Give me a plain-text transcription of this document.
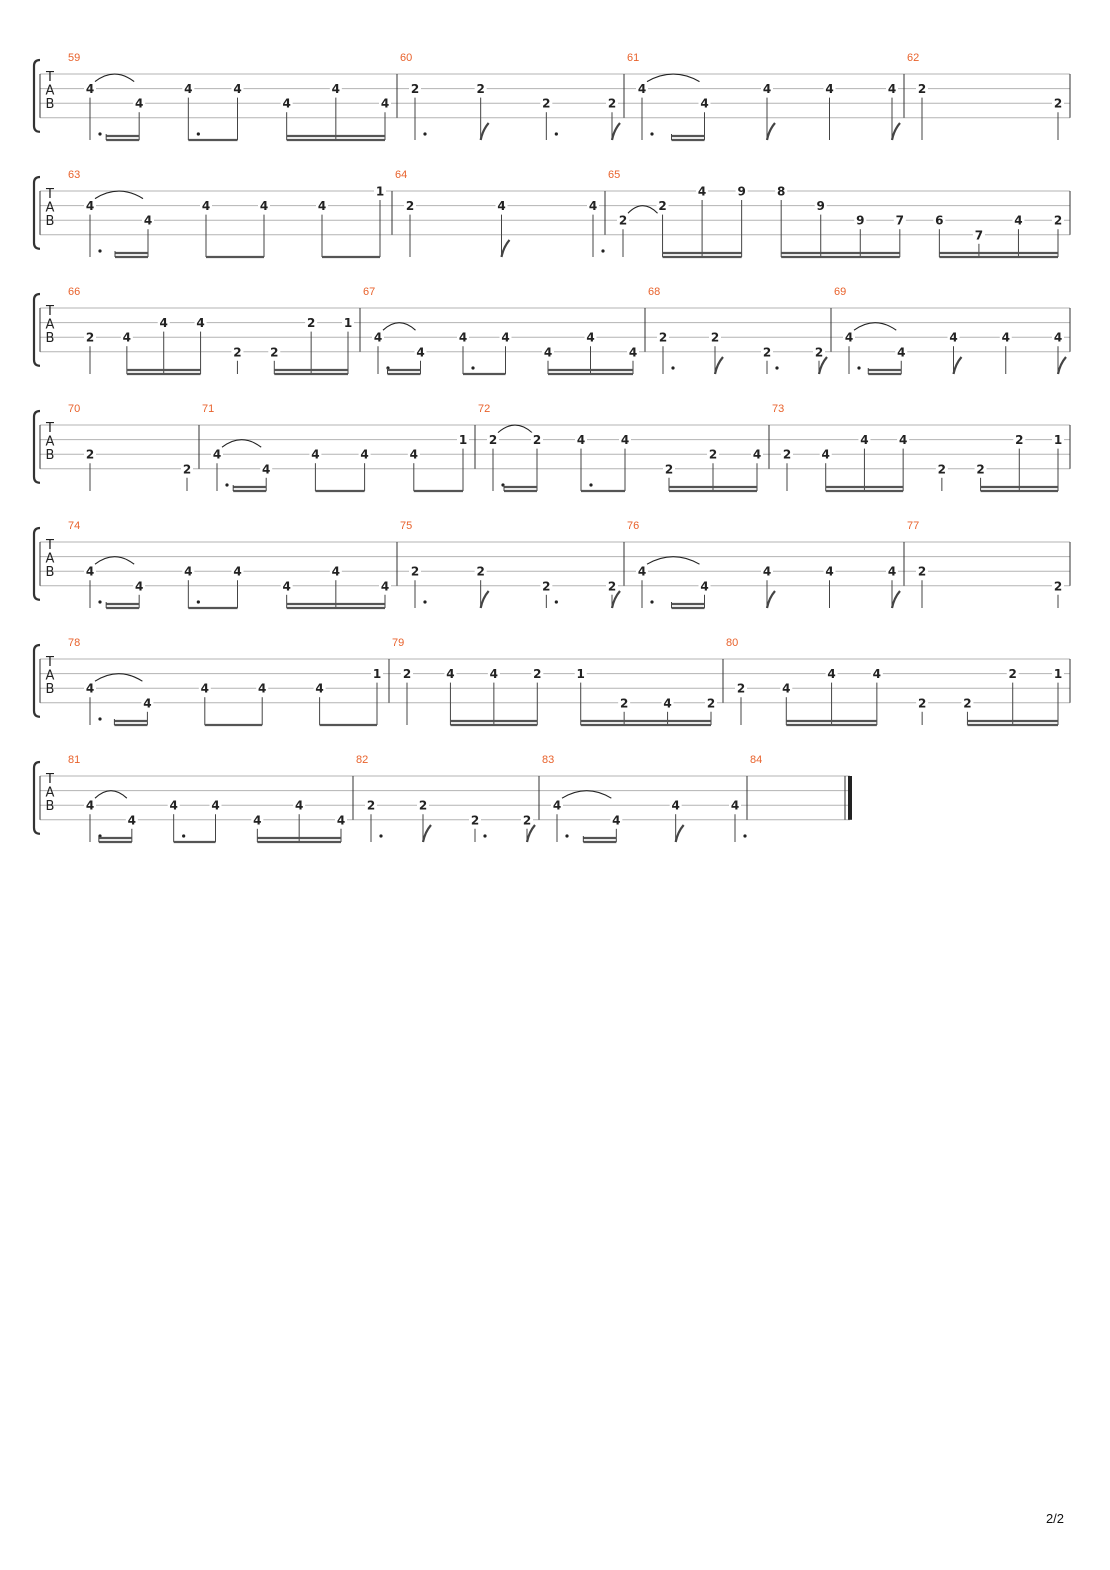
T
A
B
59
4
4
4	4
4
4
4
60
2	2
2	2
61
4
4
4	4	4
62
2
2
T
A
B
63
4
4
4	4	4
1
64
2	4	4
65
2
2
4	9	8
9
9	7	6
7
4	2
T
A
B
66
2 4
4 4
2 2
2 1
67
4
4
4	4
4
4
4
68
2	2
2	2
69
4
4
4	4	4
T
A
B
70
2
2
71
4
4
4	4	4
1
72
2	2	4	4
2
2	4
73
2	4
4	4
2	2
2	1
T
A
B
74
4
4
4	4
4
4
4
75
2	2
2	2
76
4
4
4	4	4
77
2
2
T
A
B
78
4
4
4	4	4
1
79
2	4	4	2	1
2	4	2
80
2	4
4	4
2	2
2	1
T
A
B
81
4
4
4	4
4
4
4
82
2	2
2	2
83
4
4
4	4
84
2/2
